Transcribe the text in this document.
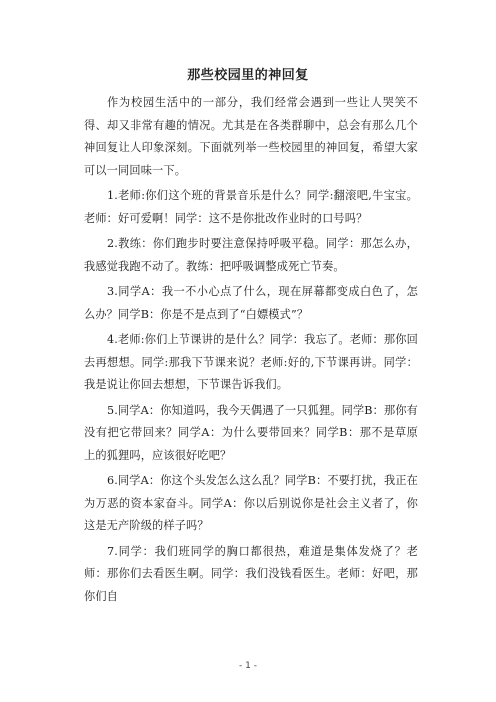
那些校园里的神回复

作为校园生活中的一部分，我们经常会遇到一些让人哭笑不得、却又非常有趣的情况。尤其是在各类群聊中，总会有那么几个神回复让人印象深刻。下面就列举一些校园里的神回复，希望大家可以一同回味一下。

1.老师:你们这个班的背景音乐是什么？同学:翻滚吧,牛宝宝。老师：好可爱啊！同学：这不是你批改作业时的口号吗？

2.教练：你们跑步时要注意保持呼吸平稳。同学：那怎么办，我感觉我跑不动了。教练：把呼吸调整成死亡节奏。

3.同学A：我一不小心点了什么，现在屏幕都变成白色了，怎么办？同学B：你是不是点到了“白嫖模式”？

4.老师:你们上节课讲的是什么？同学：我忘了。老师：那你回去再想想。同学:那我下节课来说？老师:好的,下节课再讲。同学：我是说让你回去想想，下节课告诉我们。

5.同学A：你知道吗，我今天偶遇了一只狐狸。同学B：那你有没有把它带回来？同学A：为什么要带回来？同学B：那不是草原上的狐狸吗，应该很好吃吧？

6.同学A：你这个头发怎么这么乱？同学B：不要打扰，我正在为万恶的资本家奋斗。同学A：你以后别说你是社会主义者了，你这是无产阶级的样子吗？

7.同学：我们班同学的胸口都很热，难道是集体发烧了？老师：那你们去看医生啊。同学：我们没钱看医生。老师：好吧，那你们自

- 1 -
